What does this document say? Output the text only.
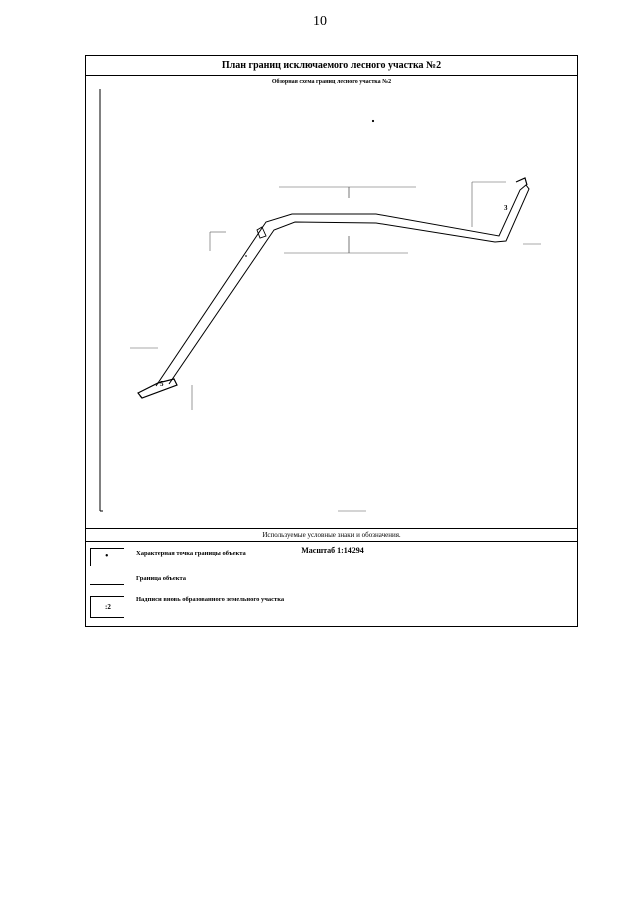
10
План границ исключаемого лесного участка №2
Обзорная схема границ лесного участка №2
3
5
Масштаб 1:14294
Используемые условные знаки и обозначения.
•	Характерная точка границы объекта
Граница объекта
:2
Надписи вновь образованного земельного участка
